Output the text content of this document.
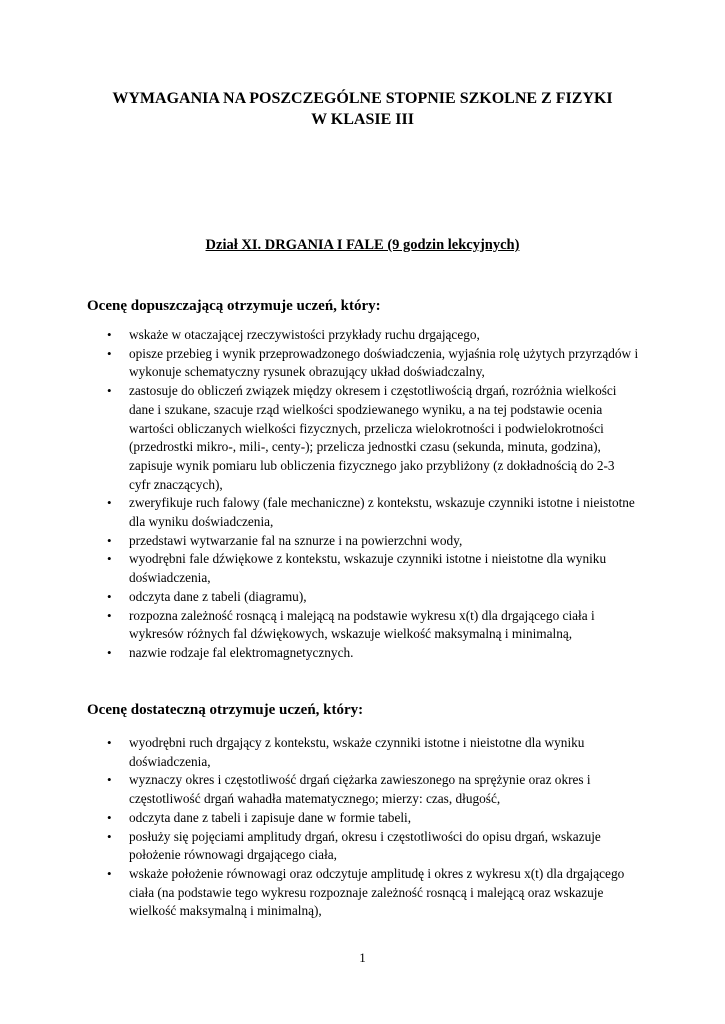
WYMAGANIA NA POSZCZEGÓLNE STOPNIE SZKOLNE Z FIZYKI

W KLASIE III

Dział XI. DRGANIA I FALE (9 godzin lekcyjnych)

Ocenę dopuszczającą otrzymuje uczeń, który:

• wskaże w otaczającej rzeczywistości przykłady ruchu drgającego,
• opisze przebieg i wynik przeprowadzonego doświadczenia, wyjaśnia rolę użytych przyrządów i wykonuje schematyczny rysunek obrazujący układ doświadczalny,
• zastosuje do obliczeń związek między okresem i częstotliwością drgań, rozróżnia wielkości dane i szukane, szacuje rząd wielkości spodziewanego wyniku, a na tej podstawie ocenia wartości obliczanych wielkości fizycznych, przelicza wielokrotności i podwielokrotności (przedrostki mikro-, mili-, centy-); przelicza jednostki czasu (sekunda, minuta, godzina), zapisuje wynik pomiaru lub obliczenia fizycznego jako przybliżony (z dokładnością do 2-3 cyfr znaczących),
• zweryfikuje ruch falowy (fale mechaniczne) z kontekstu, wskazuje czynniki istotne i nieistotne dla wyniku doświadczenia,
• przedstawi wytwarzanie fal na sznurze i na powierzchni wody,
• wyodrębni fale dźwiękowe z kontekstu, wskazuje czynniki istotne i nieistotne dla wyniku doświadczenia,
• odczyta dane z tabeli (diagramu),
• rozpozna zależność rosnącą i malejącą na podstawie wykresu x(t) dla drgającego ciała i wykresów różnych fal dźwiękowych, wskazuje wielkość maksymalną i minimalną,
• nazwie rodzaje fal elektromagnetycznych.

Ocenę dostateczną otrzymuje uczeń, który:

• wyodrębni ruch drgający z kontekstu, wskaże czynniki istotne i nieistotne dla wyniku doświadczenia,
• wyznaczy okres i częstotliwość drgań ciężarka zawieszonego na sprężynie oraz okres i częstotliwość drgań wahadła matematycznego; mierzy: czas, długość,
• odczyta dane z tabeli i zapisuje dane w formie tabeli,
• posłuży się pojęciami amplitudy drgań, okresu i częstotliwości do opisu drgań, wskazuje położenie równowagi drgającego ciała,
• wskaże położenie równowagi oraz odczytuje amplitudę i okres z wykresu x(t) dla drgającego ciała (na podstawie tego wykresu rozpoznaje zależność rosnącą i malejącą oraz wskazuje wielkość maksymalną i minimalną),
1
